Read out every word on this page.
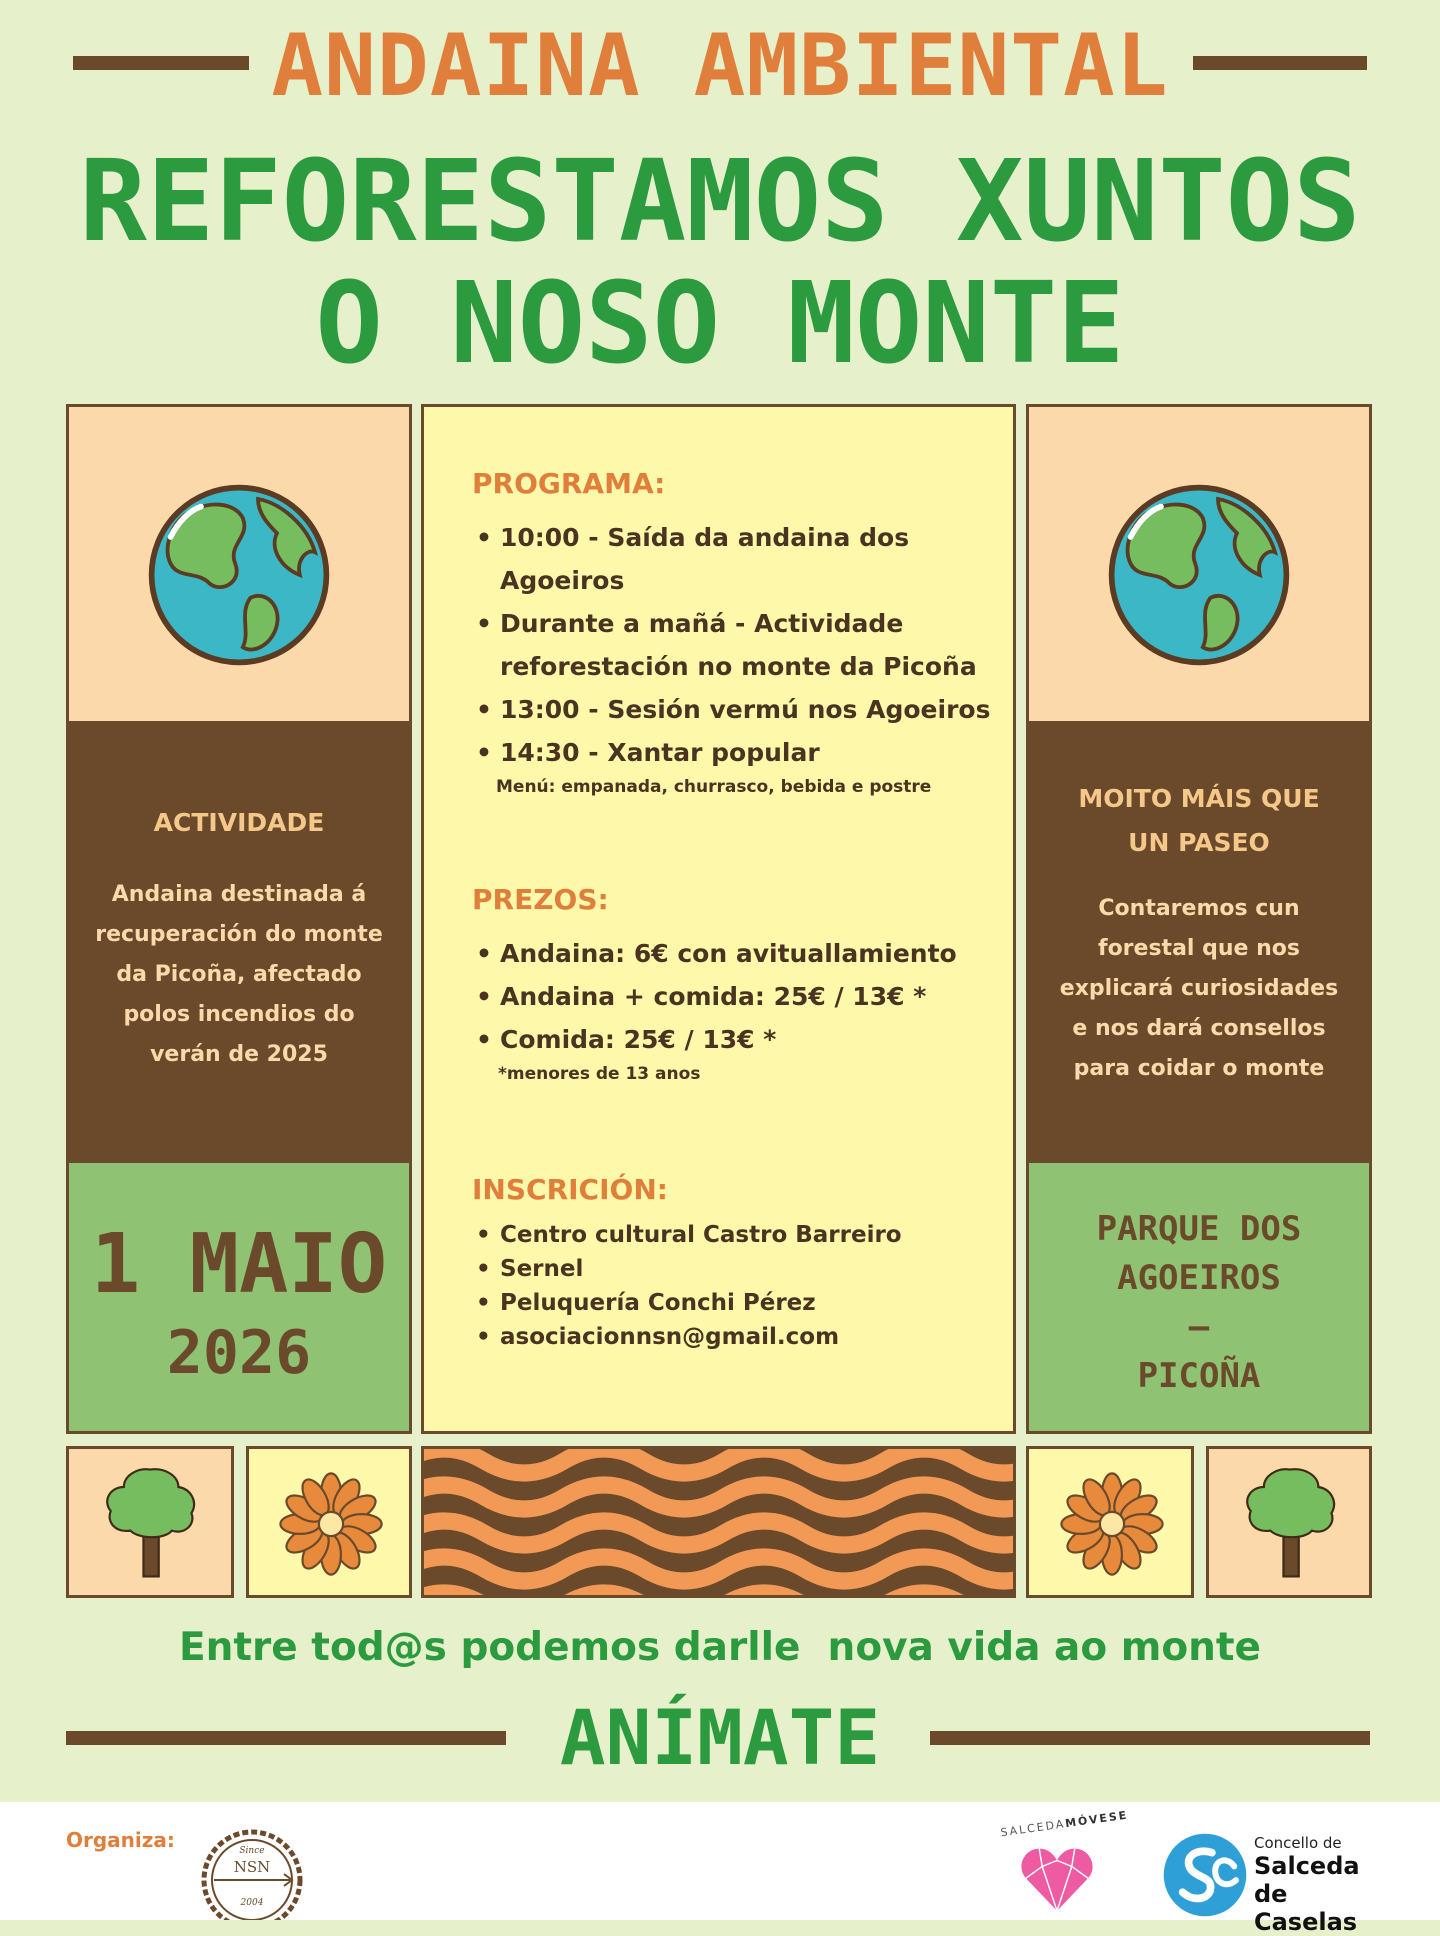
ANDAINA AMBIENTAL
REFORESTAMOS XUNTOS
O NOSO MONTE
ACTIVIDADE
Andaina destinada á
recuperación do monte
da Picoña, afectado
polos incendios do
verán de 2025
1 MAIO
2026
PROGRAMA:
• 10:00 - Saída da andaina dos Agoeiros
• Durante a mañá - Actividade reforestación no monte da Picoña
• 13:00 - Sesión vermú nos Agoeiros
• 14:30 - Xantar popular
Menú: empanada, churrasco, bebida e postre
PREZOS:
• Andaina: 6€ con avituallamiento
• Andaina + comida: 25€ / 13€ *
• Comida: 25€ / 13€ *
*menores de 13 anos
INSCRICIÓN:
• Centro cultural Castro Barreiro
• Sernel
• Peluquería Conchi Pérez
• asociacionnsn@gmail.com
MOITO MÁIS QUE
UN PASEO
Contaremos cun
forestal que nos
explicará curiosidades
e nos dará consellos
para coidar o monte
PARQUE DOS
AGOEIROS
–
PICOÑA
Entre tod@s podemos darlle  nova vida ao monte
ANÍMATE
Organiza:	Since
NSN
2004
SALCEDAMÓVESE
Concello de
Salceda
de Caselas
